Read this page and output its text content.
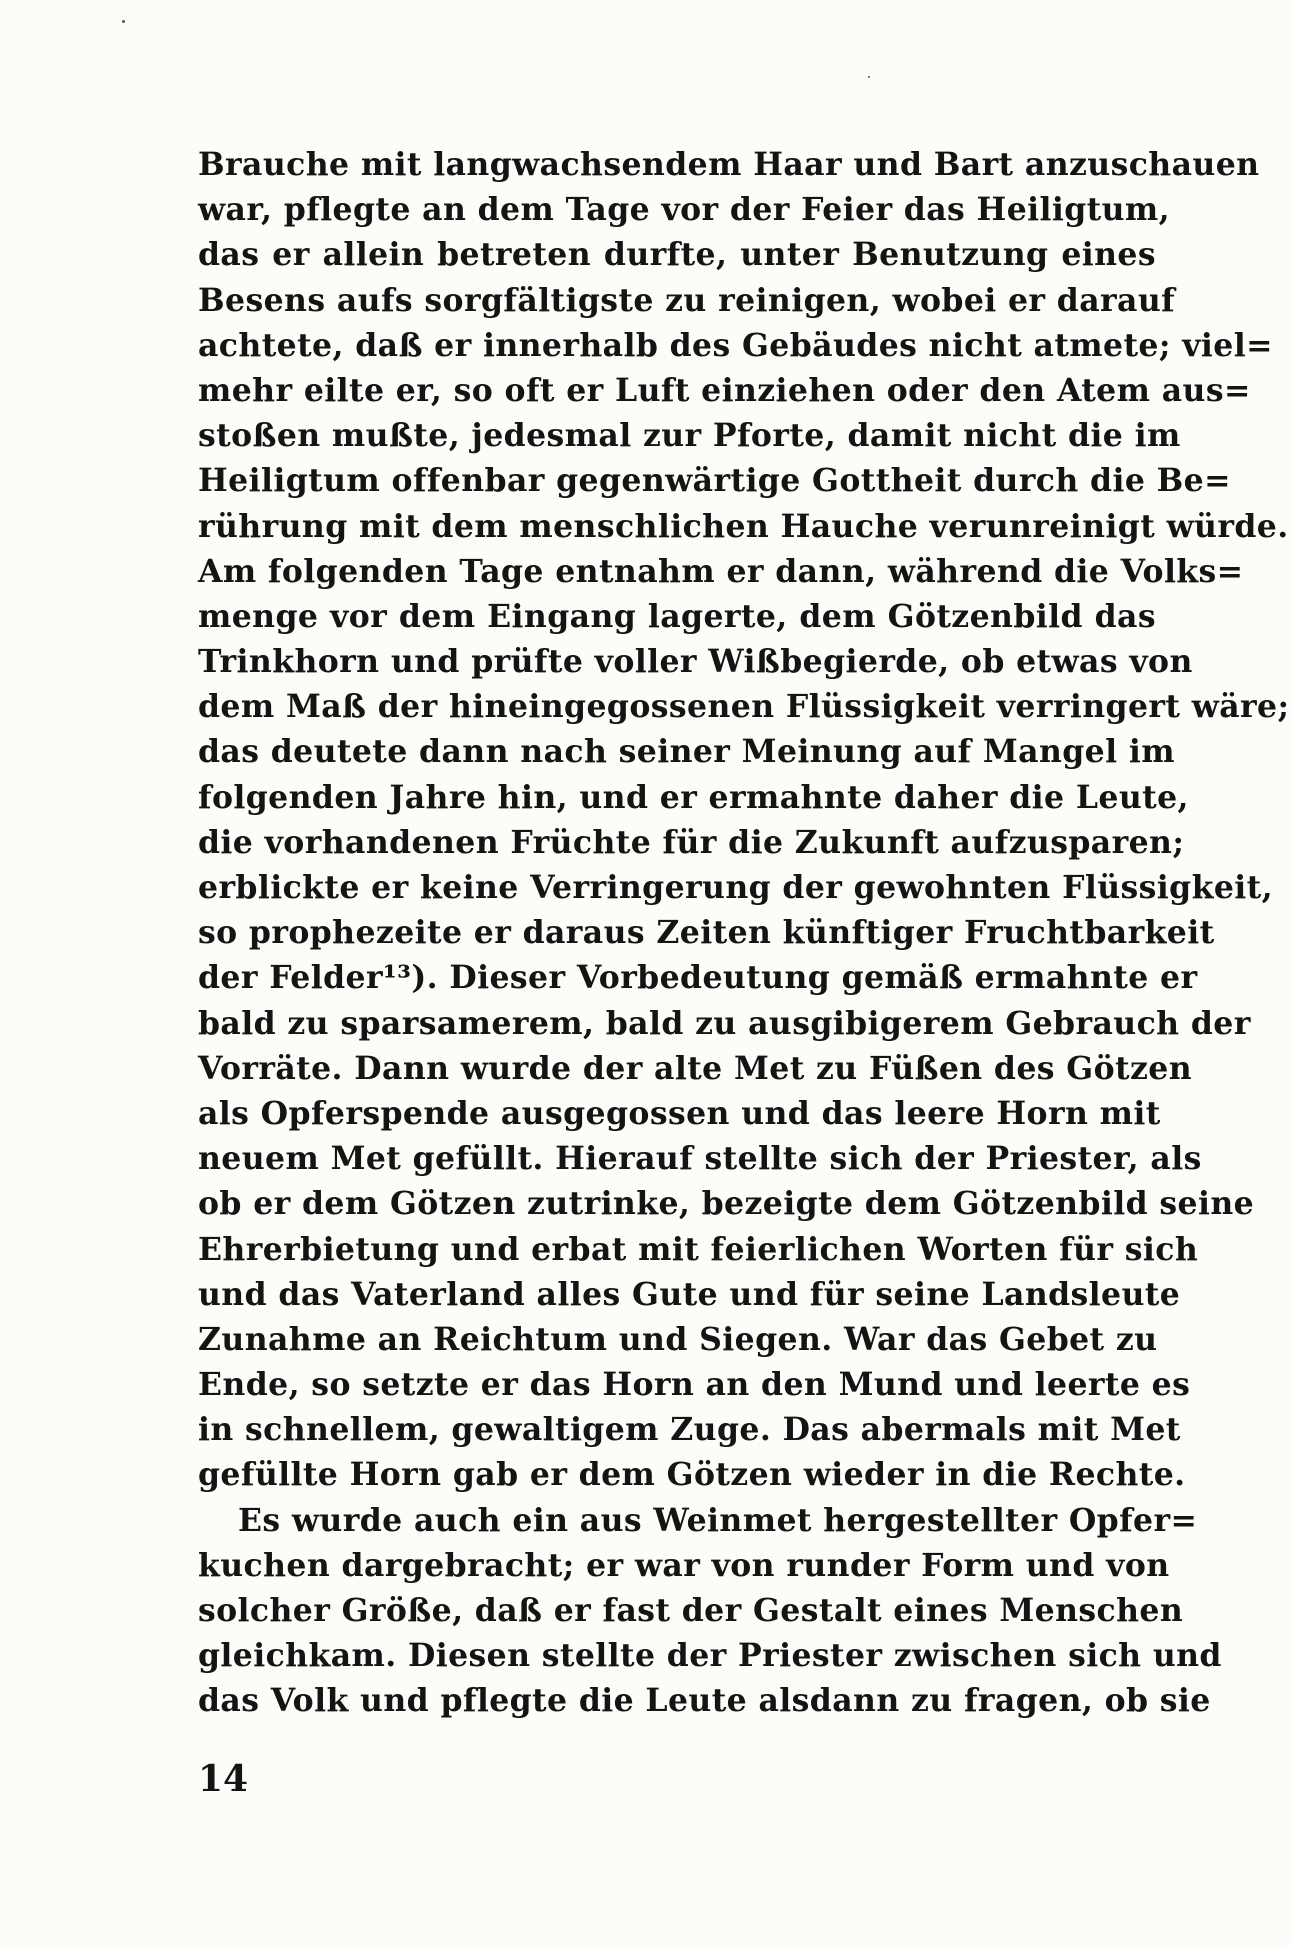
Brauche mit langwachsendem Haar und Bart anzuschauen
war, pflegte an dem Tage vor der Feier das Heiligtum,
das er allein betreten durfte, unter Benutzung eines
Besens aufs sorgfältigste zu reinigen, wobei er darauf
achtete, daß er innerhalb des Gebäudes nicht atmete; viel=
mehr eilte er, so oft er Luft einziehen oder den Atem aus=
stoßen mußte, jedesmal zur Pforte, damit nicht die im
Heiligtum offenbar gegenwärtige Gottheit durch die Be=
rührung mit dem menschlichen Hauche verunreinigt würde.
Am folgenden Tage entnahm er dann, während die Volks=
menge vor dem Eingang lagerte, dem Götzenbild das
Trinkhorn und prüfte voller Wißbegierde, ob etwas von
dem Maß der hineingegossenen Flüssigkeit verringert wäre;
das deutete dann nach seiner Meinung auf Mangel im
folgenden Jahre hin, und er ermahnte daher die Leute,
die vorhandenen Früchte für die Zukunft aufzusparen;
erblickte er keine Verringerung der gewohnten Flüssigkeit,
so prophezeite er daraus Zeiten künftiger Fruchtbarkeit
der Felder¹³). Dieser Vorbedeutung gemäß ermahnte er
bald zu sparsamerem, bald zu ausgibigerem Gebrauch der
Vorräte. Dann wurde der alte Met zu Füßen des Götzen
als Opferspende ausgegossen und das leere Horn mit
neuem Met gefüllt. Hierauf stellte sich der Priester, als
ob er dem Götzen zutrinke, bezeigte dem Götzenbild seine
Ehrerbietung und erbat mit feierlichen Worten für sich
und das Vaterland alles Gute und für seine Landsleute
Zunahme an Reichtum und Siegen. War das Gebet zu
Ende, so setzte er das Horn an den Mund und leerte es
in schnellem, gewaltigem Zuge. Das abermals mit Met
gefüllte Horn gab er dem Götzen wieder in die Rechte.
Es wurde auch ein aus Weinmet hergestellter Opfer=
kuchen dargebracht; er war von runder Form und von
solcher Größe, daß er fast der Gestalt eines Menschen
gleichkam. Diesen stellte der Priester zwischen sich und
das Volk und pflegte die Leute alsdann zu fragen, ob sie
14
